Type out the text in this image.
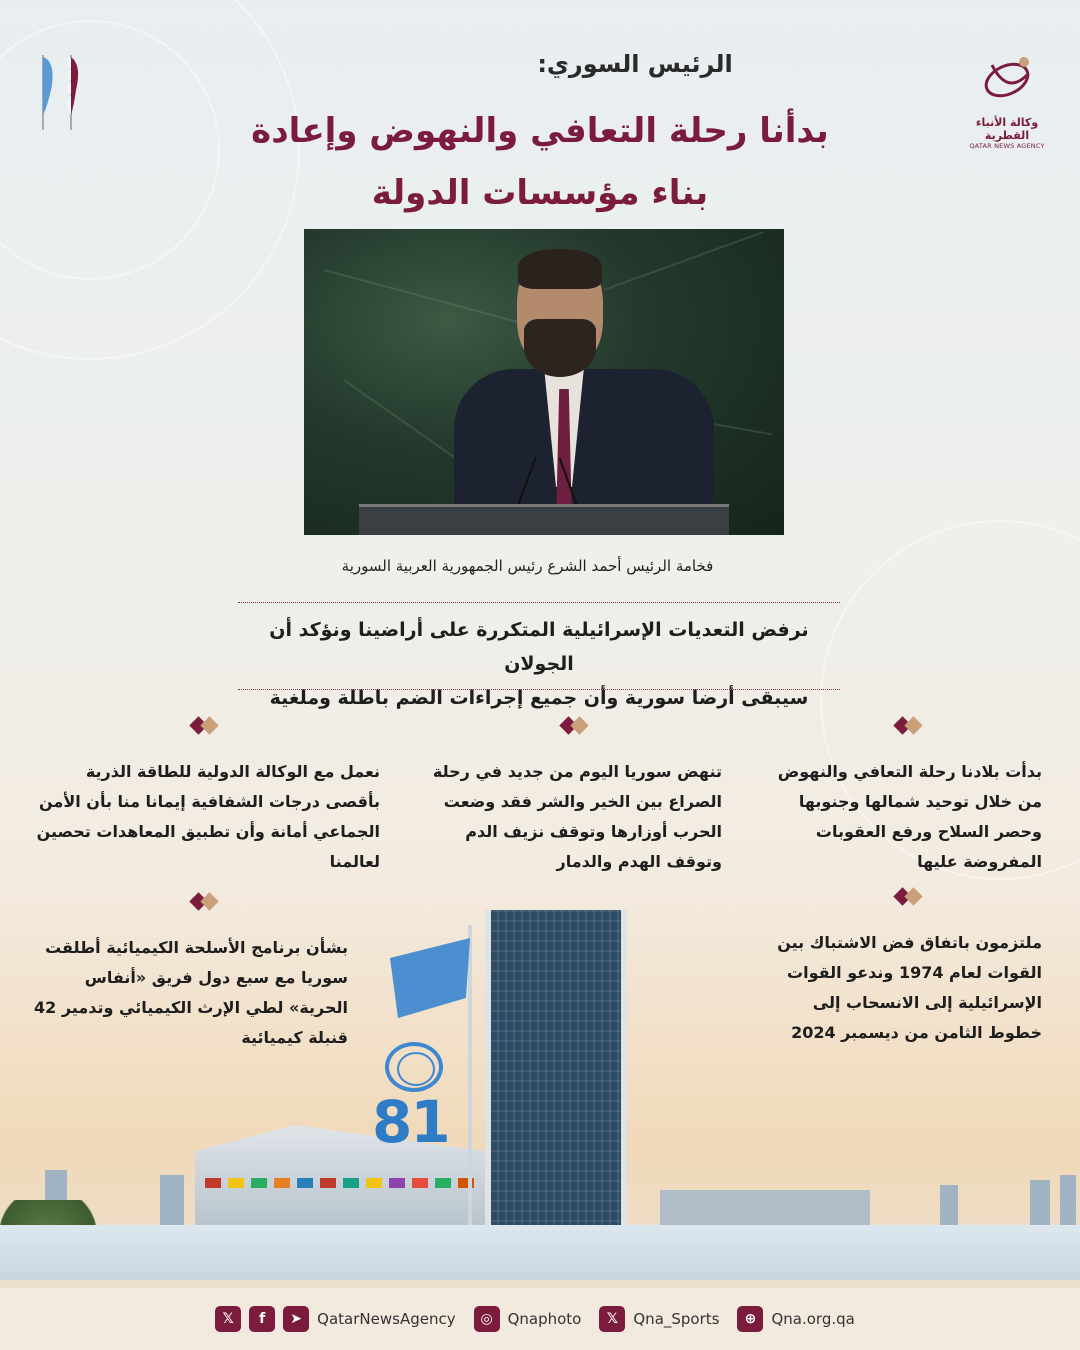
وكالة الأنباء القطرية
QATAR NEWS AGENCY
الرئيس السوري:
بدأنا رحلة التعافي والنهوض وإعادة
بناء مؤسسات الدولة
فخامة الرئيس أحمد الشرع رئيس الجمهورية العربية السورية
نرفض التعديات الإسرائيلية المتكررة على أراضينا ونؤكد أن الجولان
سيبقى أرضا سورية وأن جميع إجراءات الضم باطلة وملغية
بدأت بلادنا رحلة التعافي والنهوض من خلال توحيد شمالها وجنوبها وحصر السلاح ورفع العقوبات المفروضة عليها
تنهض سوريا اليوم من جديد في رحلة الصراع بين الخير والشر فقد وضعت الحرب أوزارها وتوقف نزيف الدم وتوقف الهدم والدمار
نعمل مع الوكالة الدولية للطاقة الذرية بأقصى درجات الشفافية إيمانا منا بأن الأمن الجماعي أمانة وأن تطبيق المعاهدات تحصين لعالمنا
ملتزمون باتفاق فض الاشتباك بين القوات لعام 1974 وندعو القوات الإسرائيلية إلى الانسحاب إلى خطوط الثامن من ديسمبر 2024
بشأن برنامج الأسلحة الكيميائية أطلقت سوريا مع سبع دول فريق «أنفاس الحرية» لطي الإرث الكيميائي وتدمير 42 قنبلة كيميائية
81
𝕏	f	➤	QatarNewsAgency	◎ Qnaphoto	𝕏	Qna_Sports	⊕	Qna.org.qa
